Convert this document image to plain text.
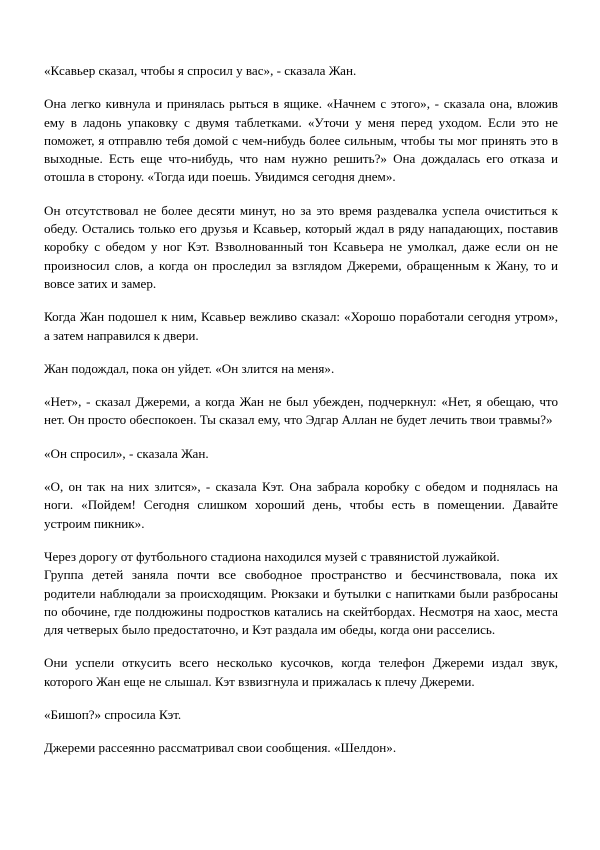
«Ксавьер сказал, чтобы я спросил у вас», - сказала Жан.

Она легко кивнула и принялась рыться в ящике. «Начнем с этого», - сказала она, вложив ему в ладонь упаковку с двумя таблетками. «Уточи у меня перед уходом. Если это не поможет, я отправлю тебя домой с чем-нибудь более сильным, чтобы ты мог принять это в выходные. Есть еще что-нибудь, что нам нужно решить?» Она дождалась его отказа и отошла в сторону. «Тогда иди поешь. Увидимся сегодня днем».

Он отсутствовал не более десяти минут, но за это время раздевалка успела очиститься к обеду. Остались только его друзья и Ксавьер, который ждал в ряду нападающих, поставив коробку с обедом у ног Кэт. Взволнованный тон Ксавьера не умолкал, даже если он не произносил слов, а когда он проследил за взглядом Джереми, обращенным к Жану, то и вовсе затих и замер.

Когда Жан подошел к ним, Ксавьер вежливо сказал: «Хорошо поработали сегодня утром», а затем направился к двери.

Жан подождал, пока он уйдет. «Он злится на меня».

«Нет», - сказал Джереми, а когда Жан не был убежден, подчеркнул: «Нет, я обещаю, что нет. Он просто обеспокоен. Ты сказал ему, что Эдгар Аллан не будет лечить твои травмы?»

«Он спросил», - сказала Жан.

«О, он так на них злится», - сказала Кэт. Она забрала коробку с обедом и поднялась на ноги. «Пойдем! Сегодня слишком хороший день, чтобы есть в помещении. Давайте устроим пикник».

Через дорогу от футбольного стадиона находился музей с травянистой лужайкой.
Группа детей заняла почти все свободное пространство и бесчинствовала, пока их родители наблюдали за происходящим. Рюкзаки и бутылки с напитками были разбросаны по обочине, где полдюжины подростков катались на скейтбордах. Несмотря на хаос, места для четверых было предостаточно, и Кэт раздала им обеды, когда они расселись.

Они успели откусить всего несколько кусочков, когда телефон Джереми издал звук, которого Жан еще не слышал. Кэт взвизгнула и прижалась к плечу Джереми.

«Бишоп?» спросила Кэт.

Джереми рассеянно рассматривал свои сообщения. «Шелдон».
